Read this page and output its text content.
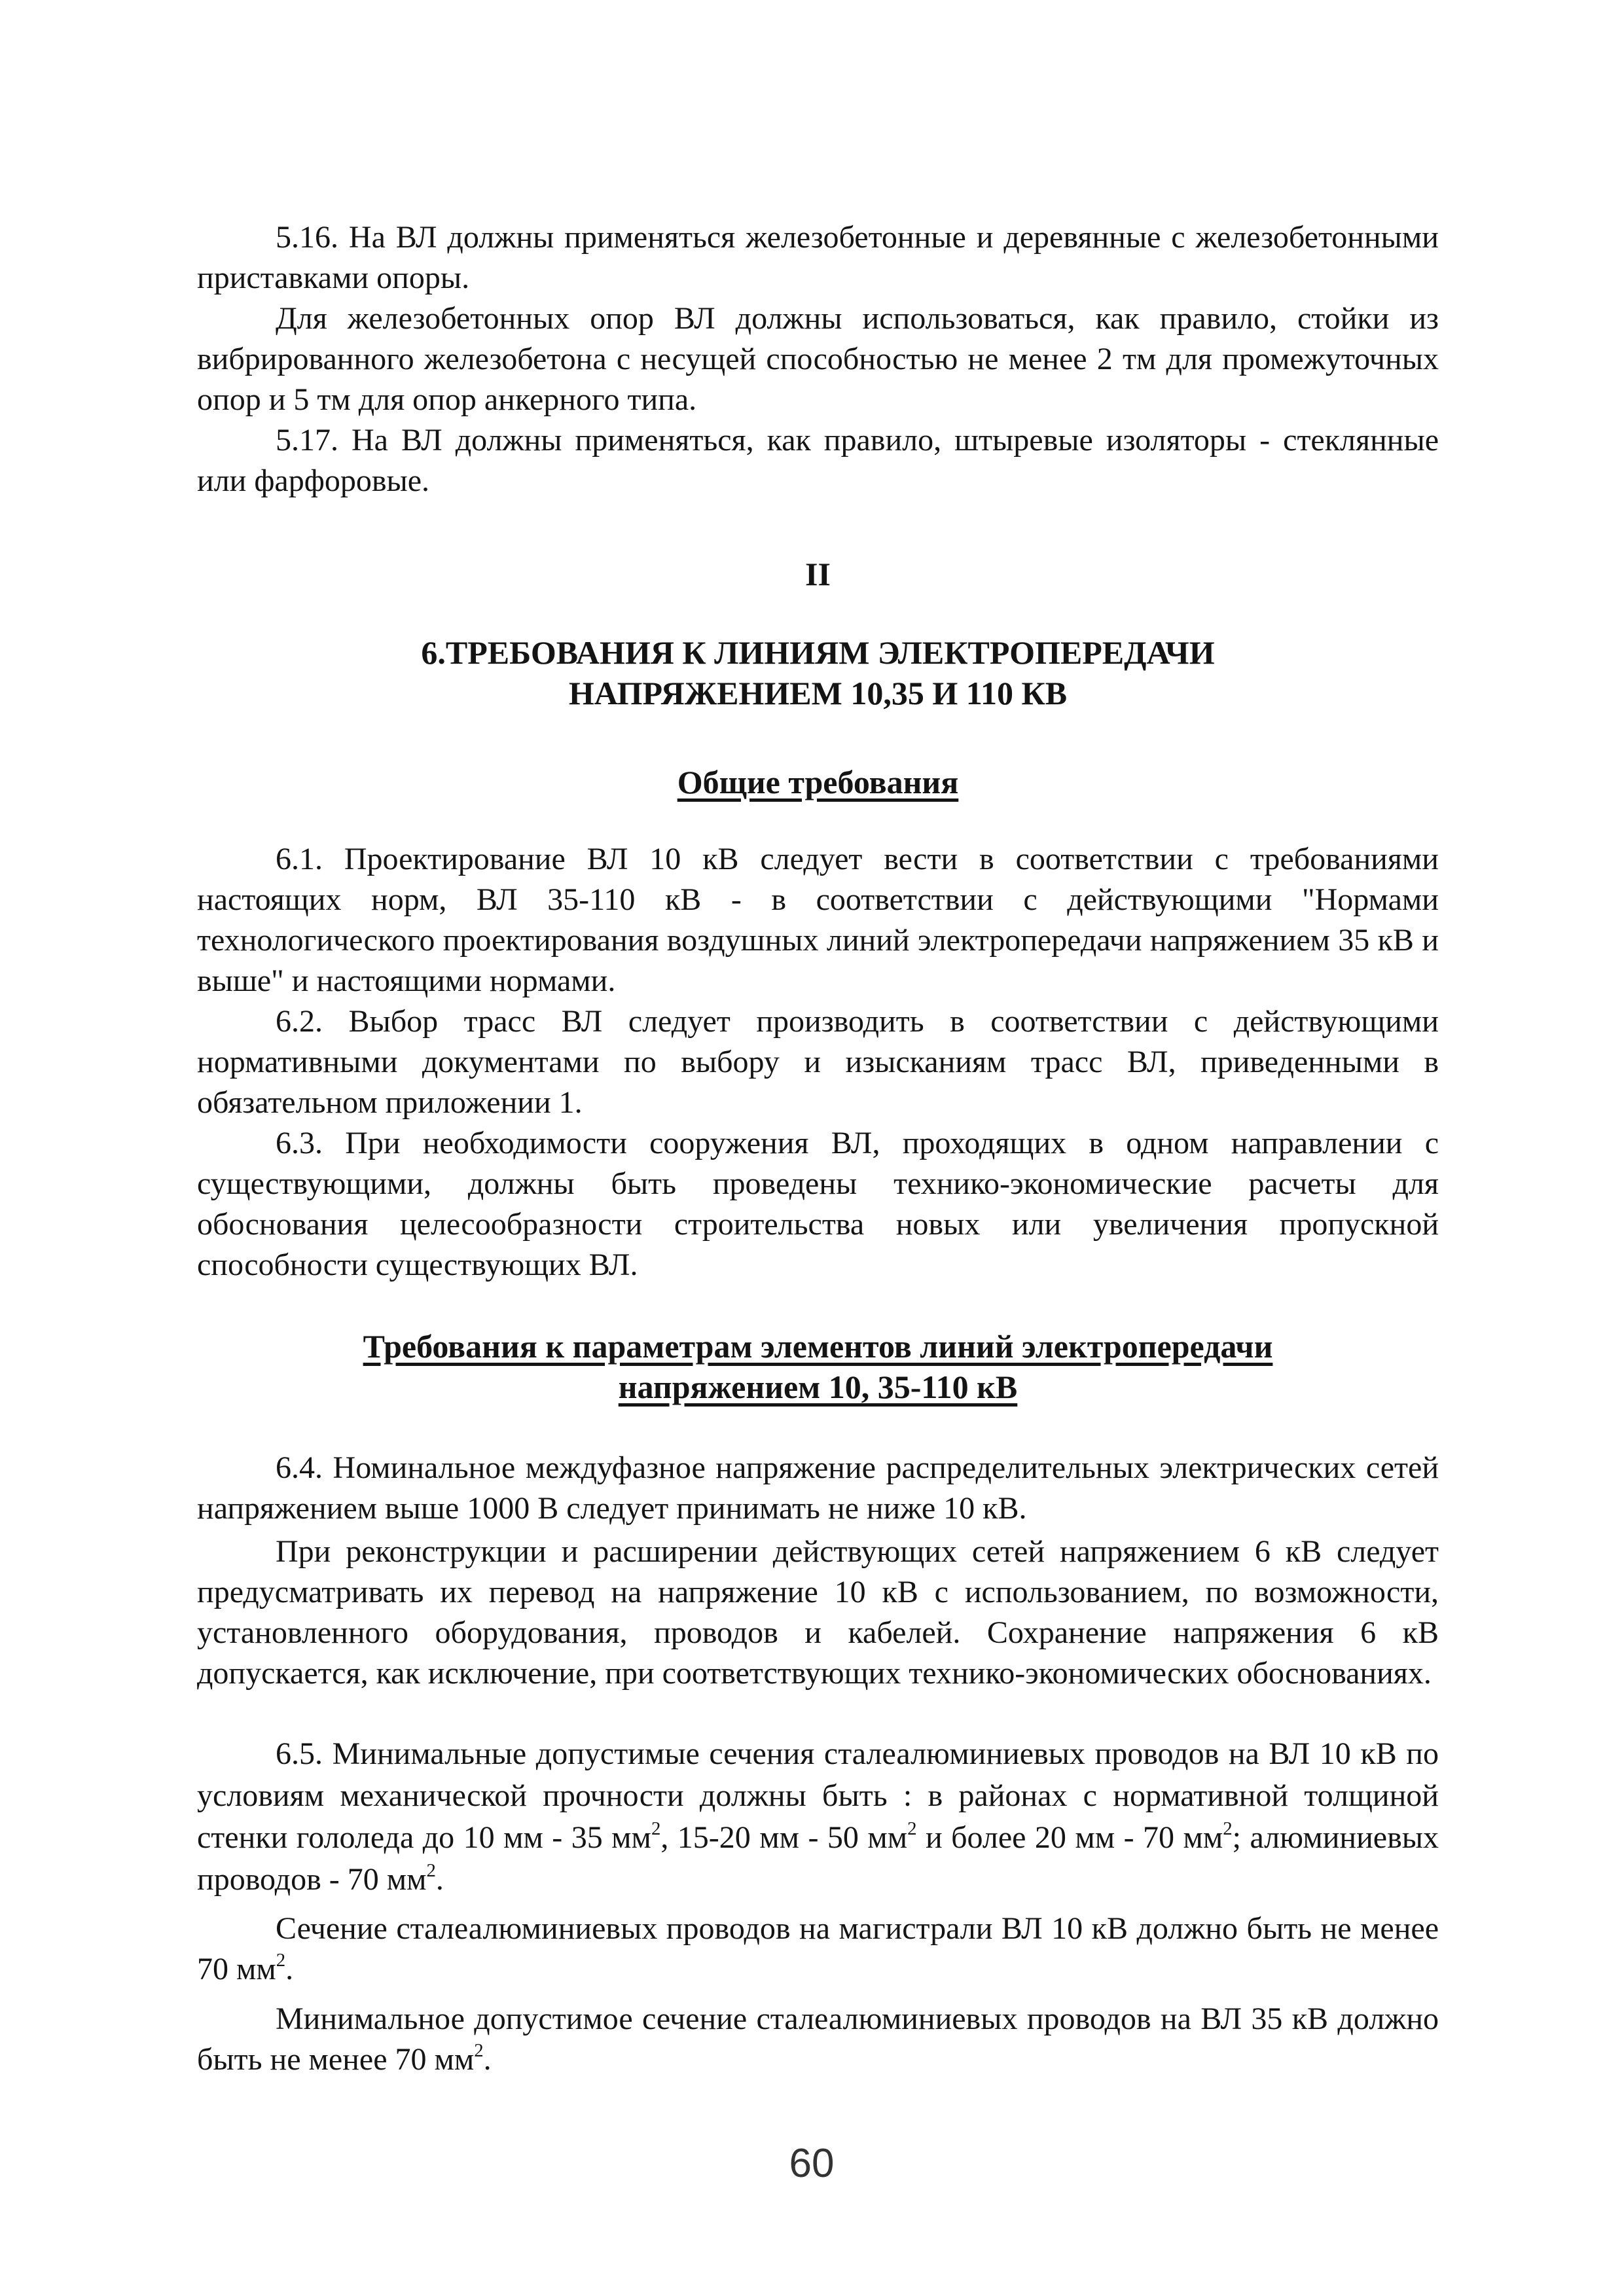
5.16. На ВЛ должны применяться железобетонные и деревянные с железобетонными приставками опоры.

Для железобетонных опор ВЛ должны использоваться, как правило, стойки из вибрированного железобетона с несущей способностью не менее 2 тм для промежуточных опор и 5 тм для опор анкерного типа.

5.17. На ВЛ должны применяться, как правило, штыревые изоляторы - стеклянные или фарфоровые.

II
6.ТРЕБОВАНИЯ К ЛИНИЯМ ЭЛЕКТРОПЕРЕДАЧИ
НАПРЯЖЕНИЕМ 10,35 И 110 КВ
Общие требования

6.1. Проектирование ВЛ 10 кВ следует вести в соответствии с требованиями настоящих норм, ВЛ 35-110 кВ - в соответствии с действующими "Нормами технологического проектирования воздушных линий электропередачи напряжением 35 кВ и выше" и настоящими нормами.

6.2. Выбор трасс ВЛ следует производить в соответствии с действующими нормативными документами по выбору и изысканиям трасс ВЛ, приведенными в обязательном приложении 1.

6.3. При необходимости сооружения ВЛ, проходящих в одном направлении с существующими, должны быть проведены технико-экономические расчеты для обоснования целесообразности строительства новых или увеличения пропускной способности существующих ВЛ.

Требования к параметрам элементов линий электропередачи
напряжением 10, 35-110 кВ

6.4. Номинальное междуфазное напряжение распределительных электрических сетей напряжением выше 1000 В следует принимать не ниже 10 кВ.

При реконструкции и расширении действующих сетей напряжением 6 кВ следует предусматривать их перевод на напряжение 10 кВ с использованием, по возможности, установленного оборудования, проводов и кабелей. Сохранение напряжения 6 кВ допускается, как исключение, при соответствующих технико-экономических обоснованиях.

6.5. Минимальные допустимые сечения сталеалюминиевых проводов на ВЛ 10 кВ по условиям механической прочности должны быть : в районах с нормативной толщиной стенки гололеда до 10 мм - 35 $мм^2$, 15-20 мм - 50 $мм^2$ и более 20 мм - 70 $мм^2$; алюминиевых проводов - 70 $мм^2$.

Сечение сталеалюминиевых проводов на магистрали ВЛ 10 кВ должно быть не менее 70 $мм^2$.

Минимальное допустимое сечение сталеалюминиевых проводов на ВЛ 35 кВ должно быть не менее 70 $мм^2$.

60
